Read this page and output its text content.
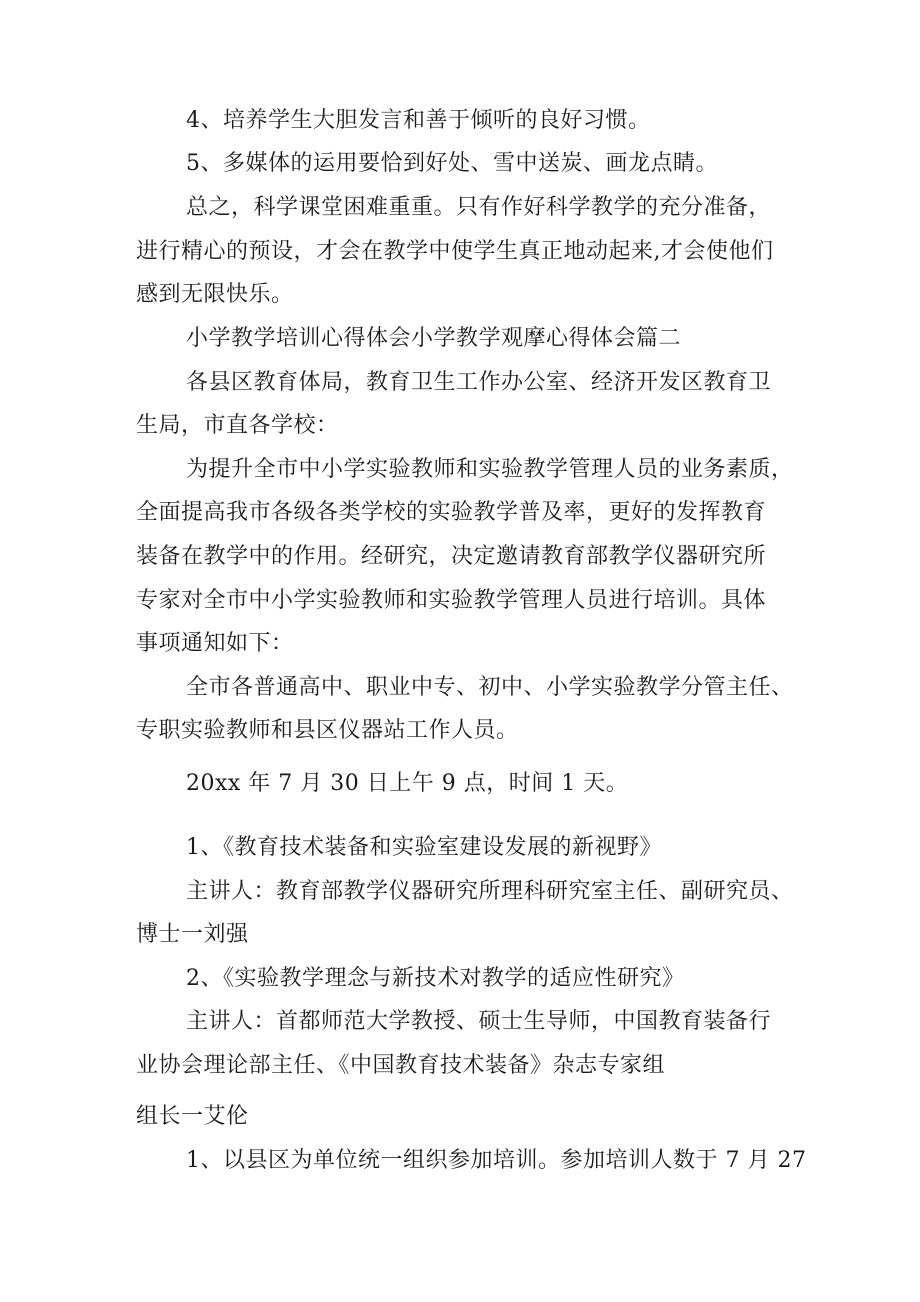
4、培养学生大胆发言和善于倾听的良好习惯。
5、多媒体的运用要恰到好处、雪中送炭、画龙点睛。
总之，科学课堂困难重重。只有作好科学教学的充分准备，
进行精心的预设，才会在教学中使学生真正地动起来,才会使他们
感到无限快乐。
小学教学培训心得体会小学教学观摩心得体会篇二
各县区教育体局，教育卫生工作办公室、经济开发区教育卫
生局，市直各学校：
为提升全市中小学实验教师和实验教学管理人员的业务素质，
全面提高我市各级各类学校的实验教学普及率，更好的发挥教育
装备在教学中的作用。经研究，决定邀请教育部教学仪器研究所
专家对全市中小学实验教师和实验教学管理人员进行培训。具体
事项通知如下：
全市各普通高中、职业中专、初中、小学实验教学分管主任、
专职实验教师和县区仪器站工作人员。
20xx 年 7 月 30 日上午 9 点，时间 1 天。
1、《教育技术装备和实验室建设发展的新视野》
主讲人：教育部教学仪器研究所理科研究室主任、副研究员、
博士一刘强
2、《实验教学理念与新技术对教学的适应性研究》
主讲人：首都师范大学教授、硕士生导师，中国教育装备行
业协会理论部主任、《中国教育技术装备》杂志专家组
组长一艾伦
1、以县区为单位统一组织参加培训。参加培训人数于 7 月 27
